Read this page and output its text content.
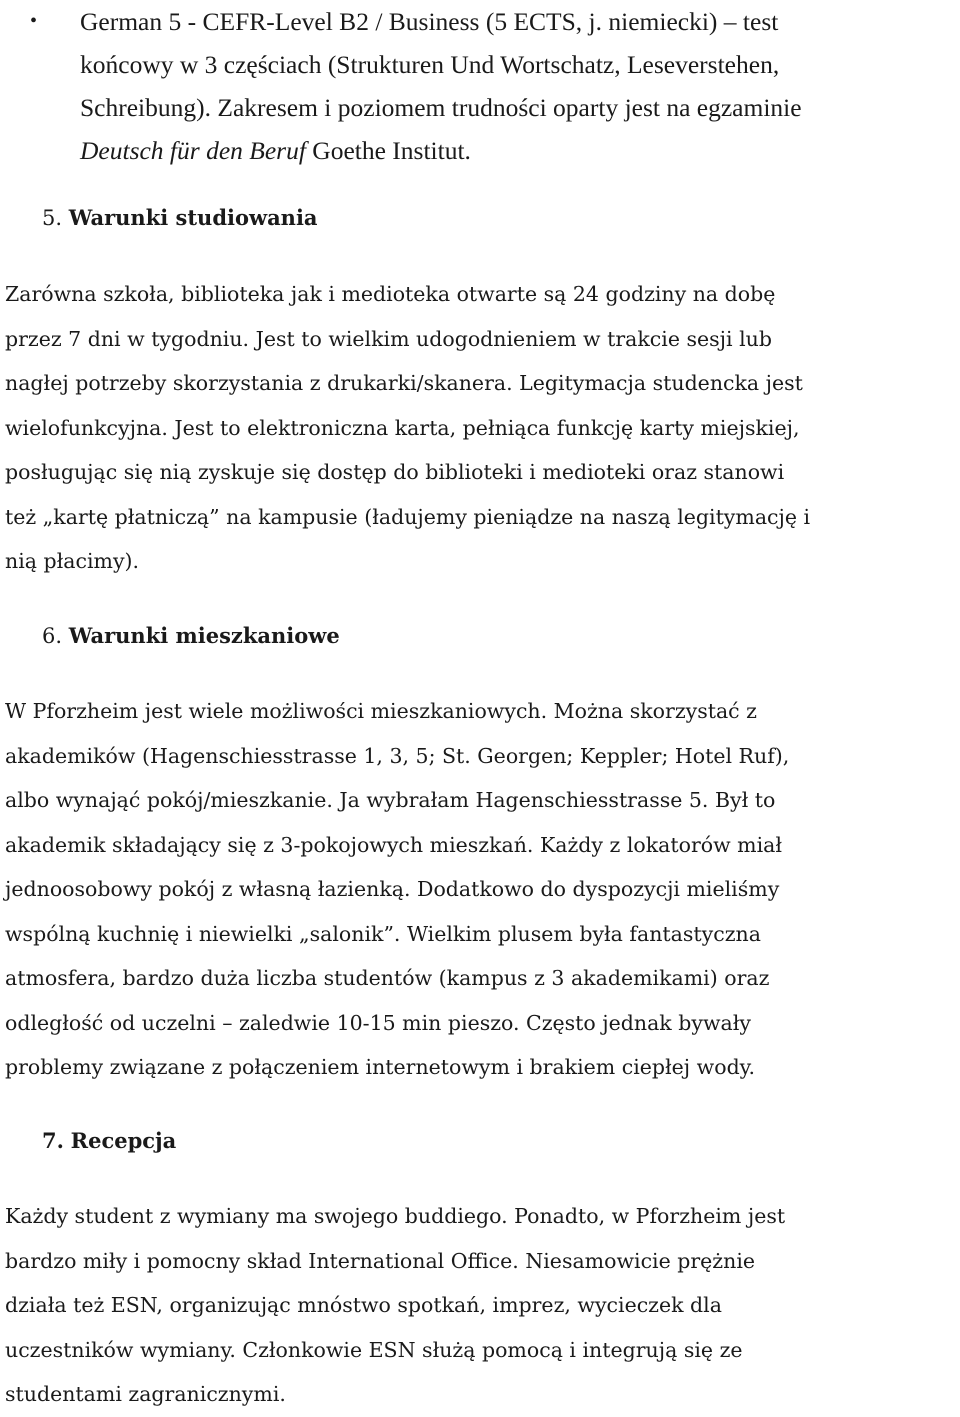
• German 5 - CEFR-Level B2 / Business (5 ECTS, j. niemiecki) – test
końcowy w 3 częściach (Strukturen Und Wortschatz, Leseverstehen,
Schreibung). Zakresem i poziomem trudności oparty jest na egzaminie
Deutsch für den Beruf Goethe Institut.
5. Warunki studiowania
Zarówna szkoła, biblioteka jak i medioteka otwarte są 24 godziny na dobę
przez 7 dni w tygodniu. Jest to wielkim udogodnieniem w trakcie sesji lub
nagłej potrzeby skorzystania z drukarki/skanera. Legitymacja studencka jest
wielofunkcyjna. Jest to elektroniczna karta, pełniąca funkcję karty miejskiej,
posługując się nią zyskuje się dostęp do biblioteki i medioteki oraz stanowi
też „kartę płatniczą” na kampusie (ładujemy pieniądze na naszą legitymację i
nią płacimy).
6. Warunki mieszkaniowe
W Pforzheim jest wiele możliwości mieszkaniowych. Można skorzystać z
akademików (Hagenschiesstrasse 1, 3, 5; St. Georgen; Keppler; Hotel Ruf),
albo wynająć pokój/mieszkanie. Ja wybrałam Hagenschiesstrasse 5. Był to
akademik składający się z 3-pokojowych mieszkań. Każdy z lokatorów miał
jednoosobowy pokój z własną łazienką. Dodatkowo do dyspozycji mieliśmy
wspólną kuchnię i niewielki „salonik”. Wielkim plusem była fantastyczna
atmosfera, bardzo duża liczba studentów (kampus z 3 akademikami) oraz
odległość od uczelni – zaledwie 10-15 min pieszo. Często jednak bywały
problemy związane z połączeniem internetowym i brakiem ciepłej wody.
7. Recepcja
Każdy student z wymiany ma swojego buddiego. Ponadto, w Pforzheim jest
bardzo miły i pomocny skład International Office. Niesamowicie prężnie
działa też ESN, organizując mnóstwo spotkań, imprez, wycieczek dla
uczestników wymiany. Członkowie ESN służą pomocą i integrują się ze
studentami zagranicznymi.
